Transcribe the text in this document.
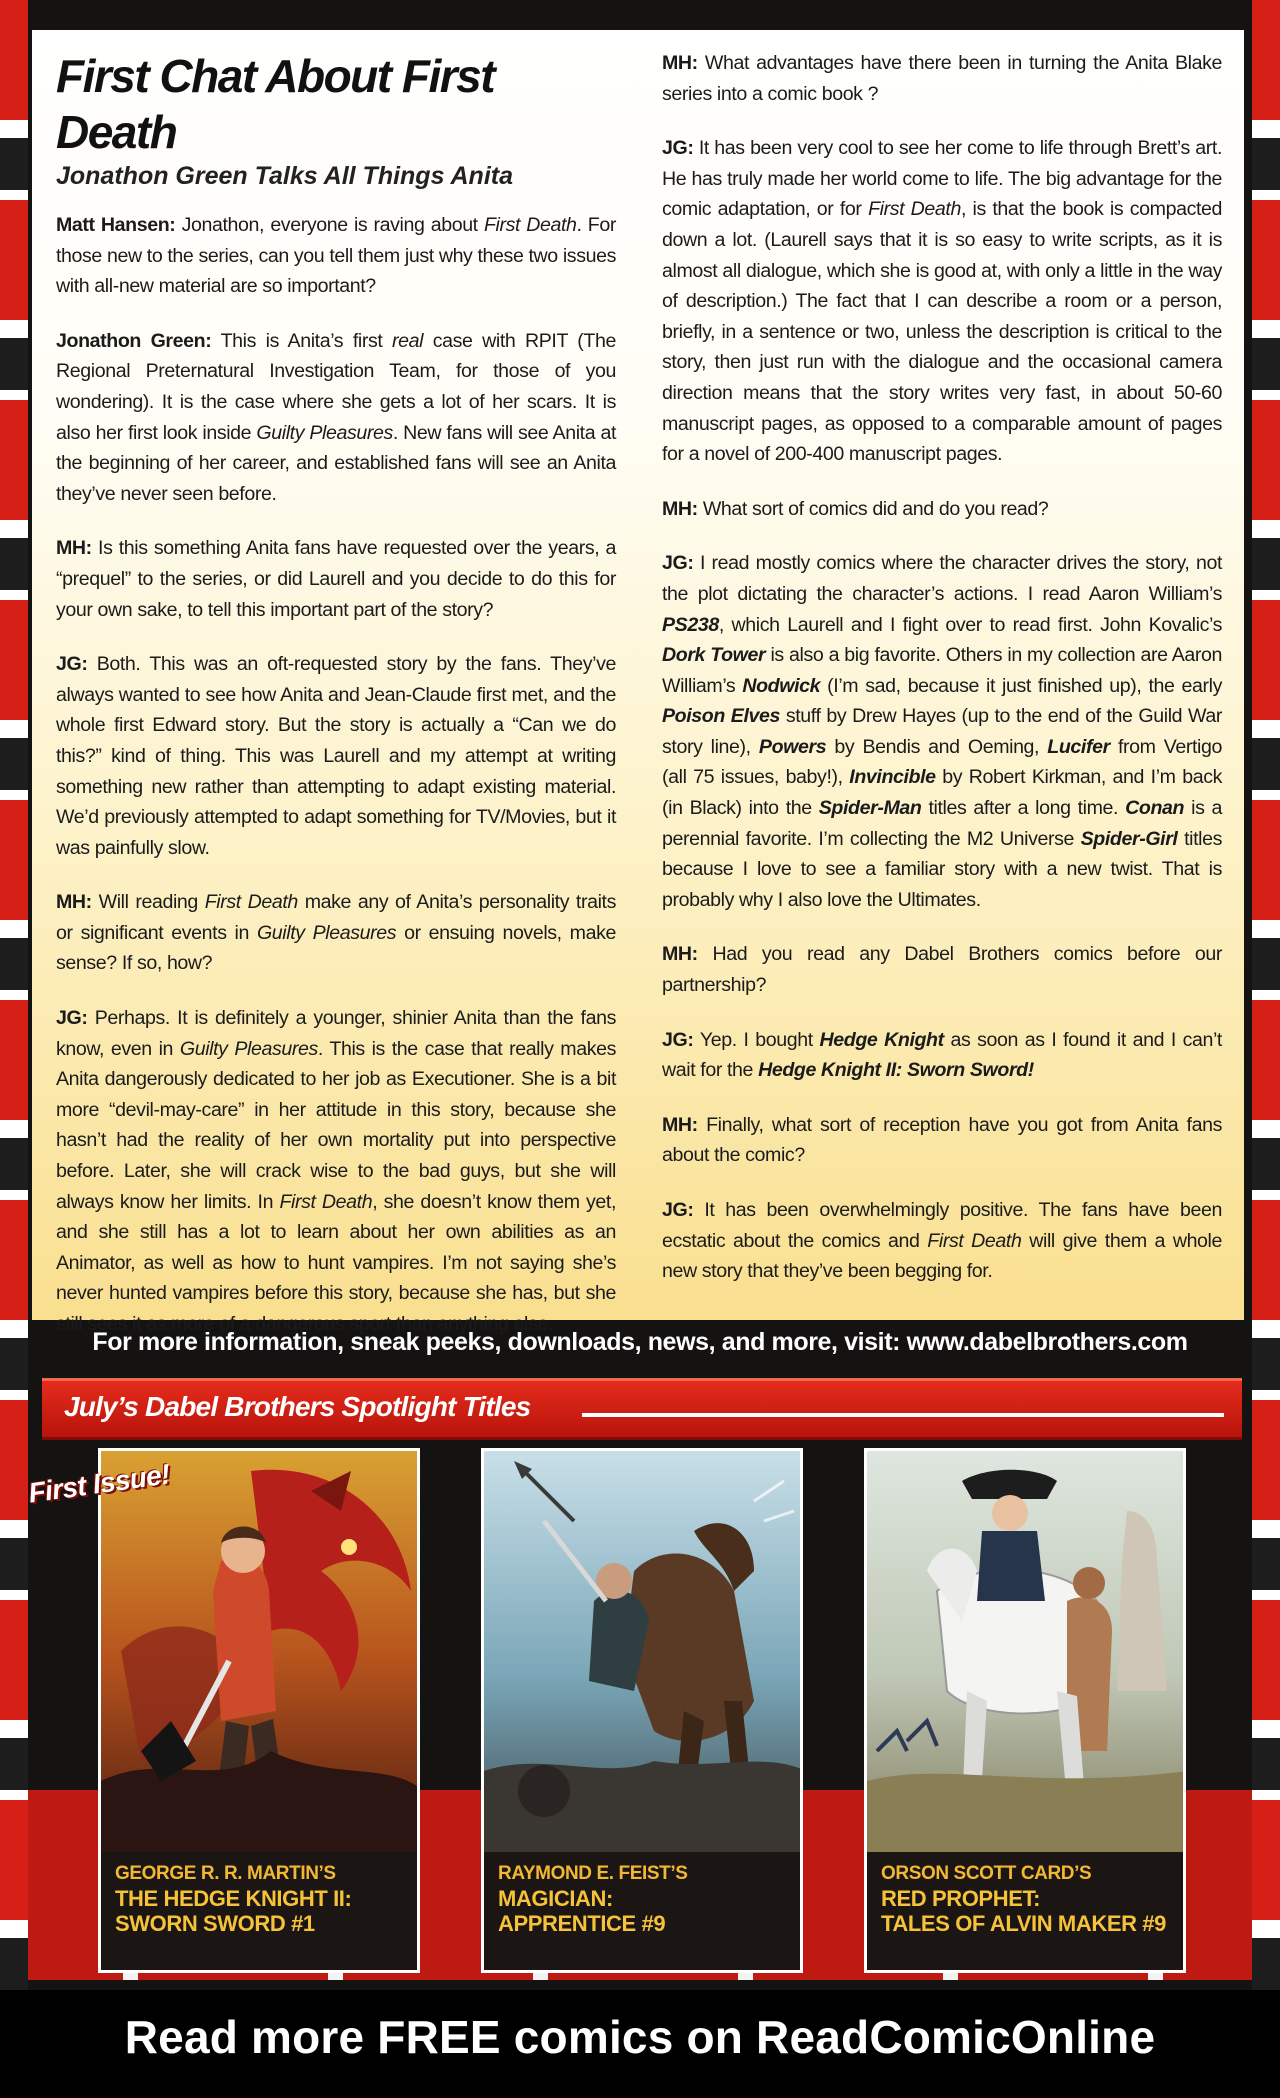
First Chat About First Death
Jonathon Green Talks All Things Anita

Matt Hansen: Jonathon, everyone is raving about First Death. For those new to the series, can you tell them just why these two issues with all-new material are so important?

Jonathon Green: This is Anita’s first real case with RPIT (The Regional Preternatural Investigation Team, for those of you wondering). It is the case where she gets a lot of her scars. It is also her first look inside Guilty Pleasures. New fans will see Anita at the beginning of her career, and established fans will see an Anita they’ve never seen before.

MH: Is this something Anita fans have requested over the years, a “prequel” to the series, or did Laurell and you decide to do this for your own sake, to tell this important part of the story?

JG: Both. This was an oft-requested story by the fans. They’ve always wanted to see how Anita and Jean-Claude first met, and the whole first Edward story. But the story is actually a “Can we do this?” kind of thing. This was Laurell and my attempt at writing something new rather than attempting to adapt existing material. We’d previously attempted to adapt something for TV/Movies, but it was painfully slow.

MH: Will reading First Death make any of Anita’s personality traits or significant events in Guilty Pleasures or ensuing novels, make sense? If so, how?

JG: Perhaps. It is definitely a younger, shinier Anita than the fans know, even in Guilty Pleasures. This is the case that really makes Anita dangerously dedicated to her job as Executioner. She is a bit more “devil-may-care” in her attitude in this story, because she hasn’t had the reality of her own mortality put into perspective before. Later, she will crack wise to the bad guys, but she will always know her limits. In First Death, she doesn’t know them yet, and she still has a lot to learn about her own abilities as an Animator, as well as how to hunt vampires. I’m not saying she’s never hunted vampires before this story, because she has, but she still sees it as more of a dangerous sport than anything else.

MH: What advantages have there been in turning the Anita Blake series into a comic book ?

JG: It has been very cool to see her come to life through Brett’s art. He has truly made her world come to life. The big advantage for the comic adaptation, or for First Death, is that the book is compacted down a lot. (Laurell says that it is so easy to write scripts, as it is almost all dialogue, which she is good at, with only a little in the way of description.) The fact that I can describe a room or a person, briefly, in a sentence or two, unless the description is critical to the story, then just run with the dialogue and the occasional camera direction means that the story writes very fast, in about 50-60 manuscript pages, as opposed to a comparable amount of pages for a novel of 200-400 manuscript pages.

MH: What sort of comics did and do you read?

JG: I read mostly comics where the character drives the story, not the plot dictating the character’s actions. I read Aaron William’s PS238, which Laurell and I fight over to read first. John Kovalic’s Dork Tower is also a big favorite. Others in my collection are Aaron William’s Nodwick (I’m sad, because it just finished up), the early Poison Elves stuff by Drew Hayes (up to the end of the Guild War story line), Powers by Bendis and Oeming, Lucifer from Vertigo (all 75 issues, baby!), Invincible by Robert Kirkman, and I’m back (in Black) into the Spider-Man titles after a long time. Conan is a perennial favorite. I’m collecting the M2 Universe Spider-Girl titles because I love to see a familiar story with a new twist. That is probably why I also love the Ultimates.

MH: Had you read any Dabel Brothers comics before our partnership?

JG: Yep. I bought Hedge Knight as soon as I found it and I can’t wait for the Hedge Knight II: Sworn Sword!

MH: Finally, what sort of reception have you got from Anita fans about the comic?

JG: It has been overwhelmingly positive. The fans have been ecstatic about the comics and First Death will give them a whole new story that they’ve been begging for.

For more information, sneak peeks, downloads, news, and more, visit: www.dabelbrothers.com
July’s Dabel Brothers Spotlight Titles
GEORGE R. R. MARTIN’S
THE HEDGE KNIGHT II:
SWORN SWORD #1
First Issue!
RAYMOND E. FEIST’S
MAGICIAN:
APPRENTICE #9
ORSON SCOTT CARD’S
RED PROPHET:
TALES OF ALVIN MAKER #9
Read more FREE comics on ReadComicOnline
